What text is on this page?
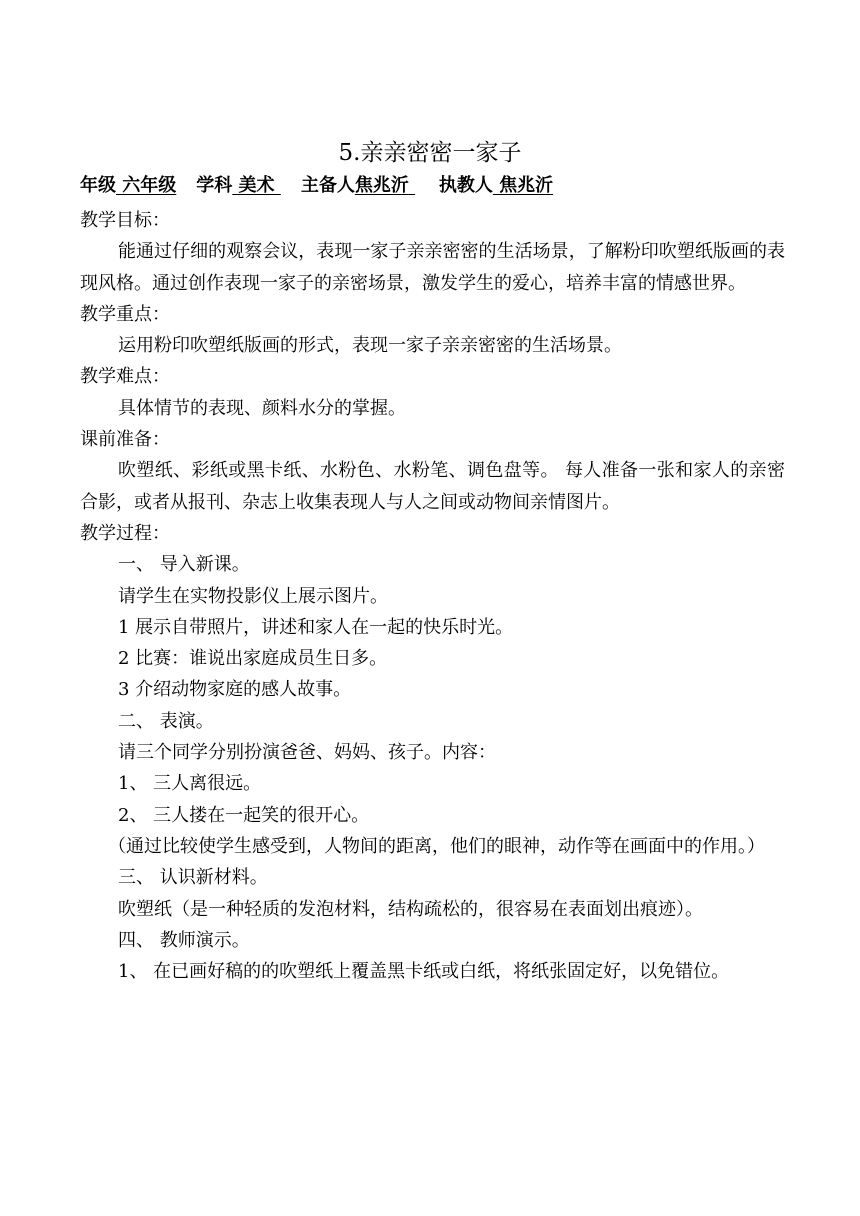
5.亲亲密密一家子
年级 六年级 学科 美术 主备人焦兆沂 执教人 焦兆沂
教学目标：
能通过仔细的观察会议，表现一家子亲亲密密的生活场景，了解粉印吹塑纸版画的表现风格。通过创作表现一家子的亲密场景，激发学生的爱心，培养丰富的情感世界。
教学重点：
运用粉印吹塑纸版画的形式，表现一家子亲亲密密的生活场景。
教学难点：
具体情节的表现、颜料水分的掌握。
课前准备：
吹塑纸、彩纸或黑卡纸、水粉色、水粉笔、调色盘等。 每人准备一张和家人的亲密合影，或者从报刊、杂志上收集表现人与人之间或动物间亲情图片。
教学过程：
一、 导入新课。
请学生在实物投影仪上展示图片。
1 展示自带照片，讲述和家人在一起的快乐时光。
2 比赛：谁说出家庭成员生日多。
3 介绍动物家庭的感人故事。
二、 表演。
请三个同学分别扮演爸爸、妈妈、孩子。内容：
1、 三人离很远。
2、 三人搂在一起笑的很开心。
（通过比较使学生感受到，人物间的距离，他们的眼神，动作等在画面中的作用。）
三、 认识新材料。
吹塑纸（是一种轻质的发泡材料，结构疏松的，很容易在表面划出痕迹）。
四、 教师演示。
1、 在已画好稿的的吹塑纸上覆盖黑卡纸或白纸，将纸张固定好，以免错位。
